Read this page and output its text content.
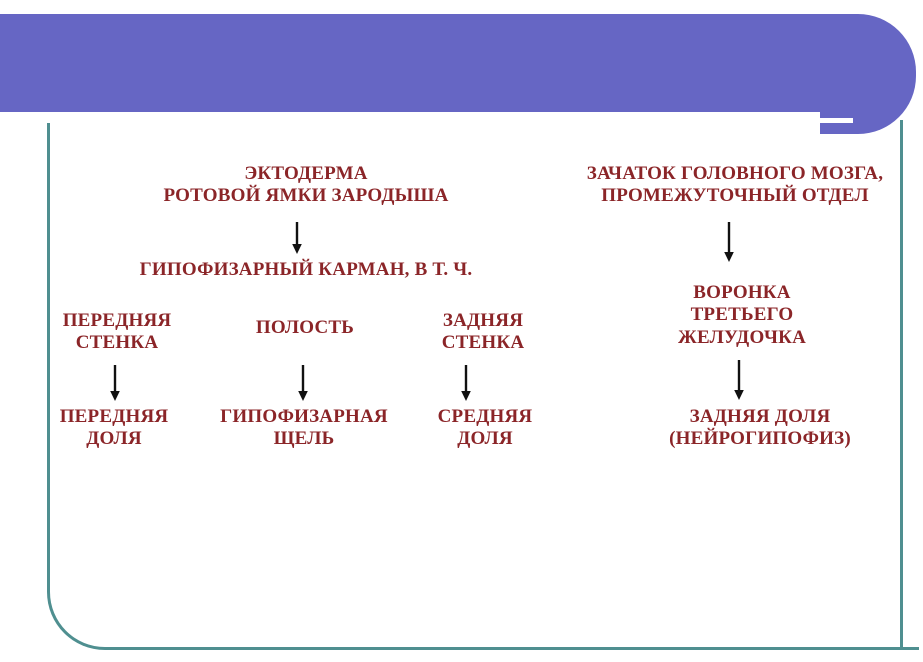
ЭКТОДЕРМА
РОТОВОЙ ЯМКИ ЗАРОДЫША
ЗАЧАТОК ГОЛОВНОГО МОЗГА,
ПРОМЕЖУТОЧНЫЙ ОТДЕЛ
ГИПОФИЗАРНЫЙ КАРМАН, В Т. Ч.
ПЕРЕДНЯЯ
СТЕНКА
ПОЛОСТЬ	ЗАДНЯЯ
СТЕНКА
ВОРОНКА
ТРЕТЬЕГО
ЖЕЛУДОЧКА
ПЕРЕДНЯЯ
ДОЛЯ
ГИПОФИЗАРНАЯ
ЩЕЛЬ
СРЕДНЯЯ
ДОЛЯ
ЗАДНЯЯ ДОЛЯ
(НЕЙРОГИПОФИЗ)
